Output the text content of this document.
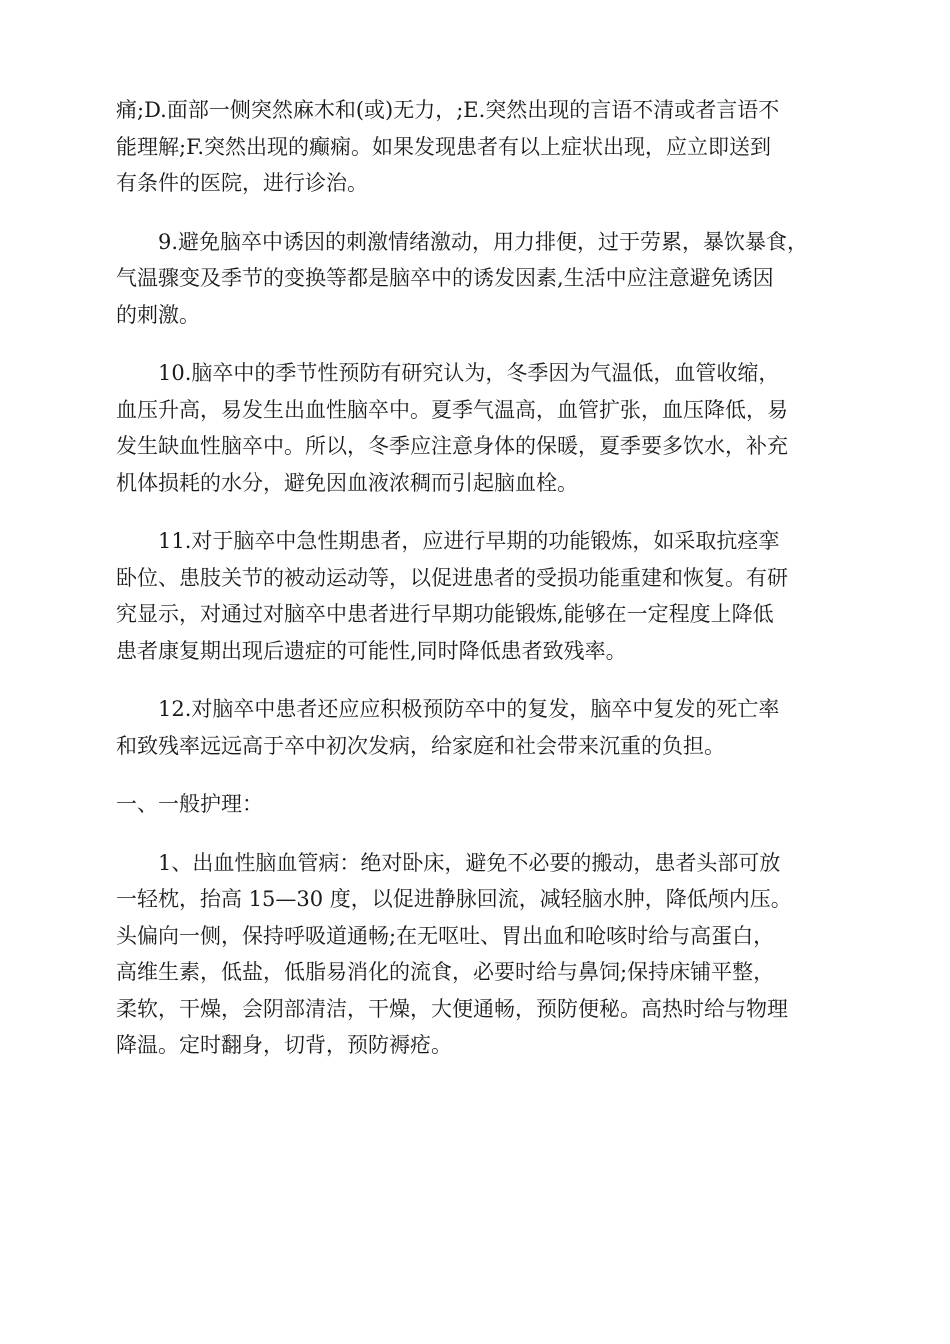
痛;D.面部一侧突然麻木和(或)无力，;E.突然出现的言语不清或者言语不
能理解;F.突然出现的癫痫。如果发现患者有以上症状出现，应立即送到
有条件的医院，进行诊治。
9.避免脑卒中诱因的刺激情绪激动，用力排便，过于劳累，暴饮暴食，
气温骤变及季节的变换等都是脑卒中的诱发因素,生活中应注意避免诱因
的刺激。
10.脑卒中的季节性预防有研究认为，冬季因为气温低，血管收缩，
血压升高，易发生出血性脑卒中。夏季气温高，血管扩张，血压降低，易
发生缺血性脑卒中。所以，冬季应注意身体的保暖，夏季要多饮水，补充
机体损耗的水分，避免因血液浓稠而引起脑血栓。
11.对于脑卒中急性期患者，应进行早期的功能锻炼，如采取抗痉挛
卧位、患肢关节的被动运动等，以促进患者的受损功能重建和恢复。有研
究显示，对通过对脑卒中患者进行早期功能锻炼,能够在一定程度上降低
患者康复期出现后遗症的可能性,同时降低患者致残率。
12.对脑卒中患者还应应积极预防卒中的复发，脑卒中复发的死亡率
和致残率远远高于卒中初次发病，给家庭和社会带来沉重的负担。
一、一般护理：
1、出血性脑血管病：绝对卧床，避免不必要的搬动，患者头部可放
一轻枕，抬高 15—30 度，以促进静脉回流，减轻脑水肿，降低颅内压。
头偏向一侧，保持呼吸道通畅;在无呕吐、胃出血和呛咳时给与高蛋白，
高维生素，低盐，低脂易消化的流食，必要时给与鼻饲;保持床铺平整，
柔软，干燥，会阴部清洁，干燥，大便通畅，预防便秘。高热时给与物理
降温。定时翻身，切背，预防褥疮。
